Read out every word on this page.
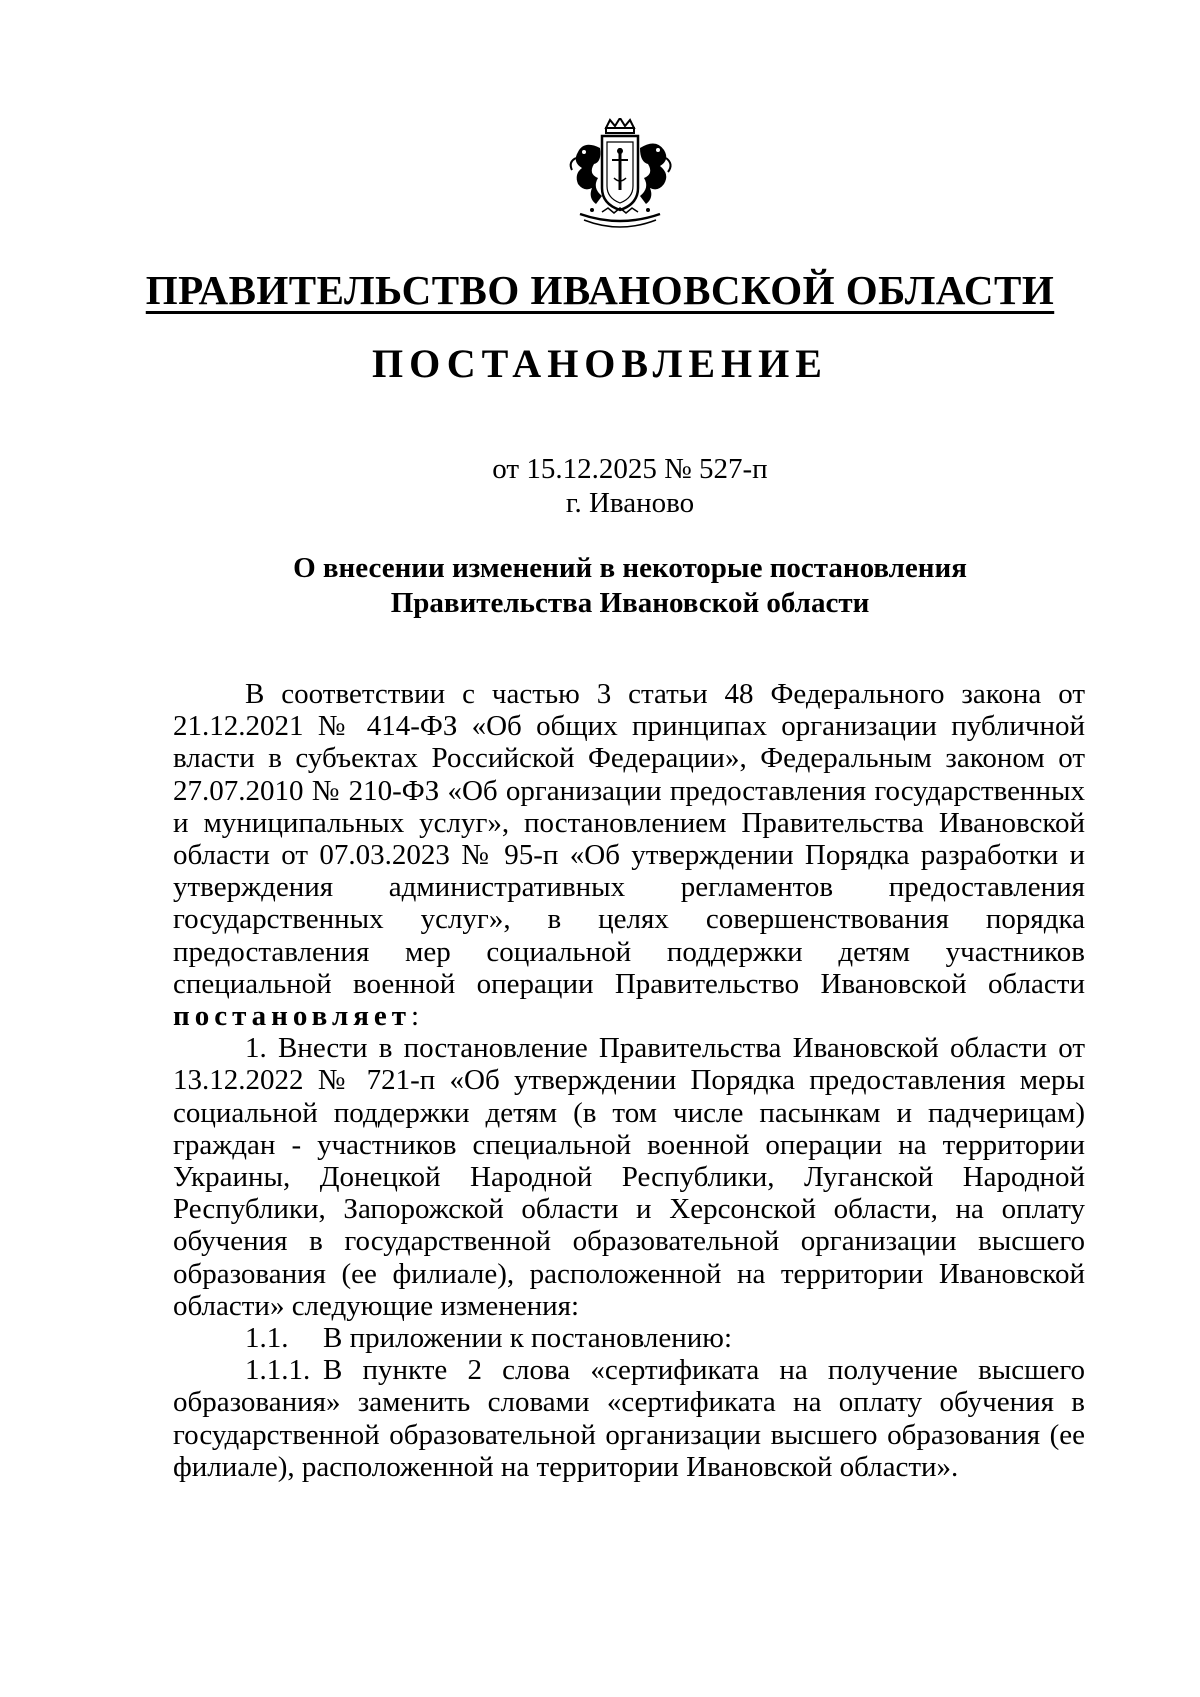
ПРАВИТЕЛЬСТВО ИВАНОВСКОЙ ОБЛАСТИ
ПОСТАНОВЛЕНИЕ
от 15.12.2025 № 527-п
г. Иваново
О внесении изменений в некоторые постановления
Правительства Ивановской области

В соответствии с частью 3 статьи 48 Федерального закона от 21.12.2021 № 414-ФЗ «Об общих принципах организации публичной власти в субъектах Российской Федерации», Федеральным законом от 27.07.2010 № 210-ФЗ «Об организации предоставления государственных и муниципальных услуг», постановлением Правительства Ивановской области от 07.03.2023 № 95-п «Об утверждении Порядка разработки и утверждения административных регламентов предоставления государственных услуг», в целях совершенствования порядка предоставления мер социальной поддержки детям участников специальной военной операции Правительство Ивановской области постановляет:

1. Внести в постановление Правительства Ивановской области от 13.12.2022 № 721-п «Об утверждении Порядка предоставления меры социальной поддержки детям (в том числе пасынкам и падчерицам) граждан - участников специальной военной операции на территории Украины, Донецкой Народной Республики, Луганской Народной Республики, Запорожской области и Херсонской области, на оплату обучения в государственной образовательной организации высшего образования (ее филиале), расположенной на территории Ивановской области» следующие изменения:

1.1. В приложении к постановлению:

1.1.1. В пункте 2 слова «сертификата на получение высшего образования» заменить словами «сертификата на оплату обучения в государственной образовательной организации высшего образования (ее филиале), расположенной на территории Ивановской области».
